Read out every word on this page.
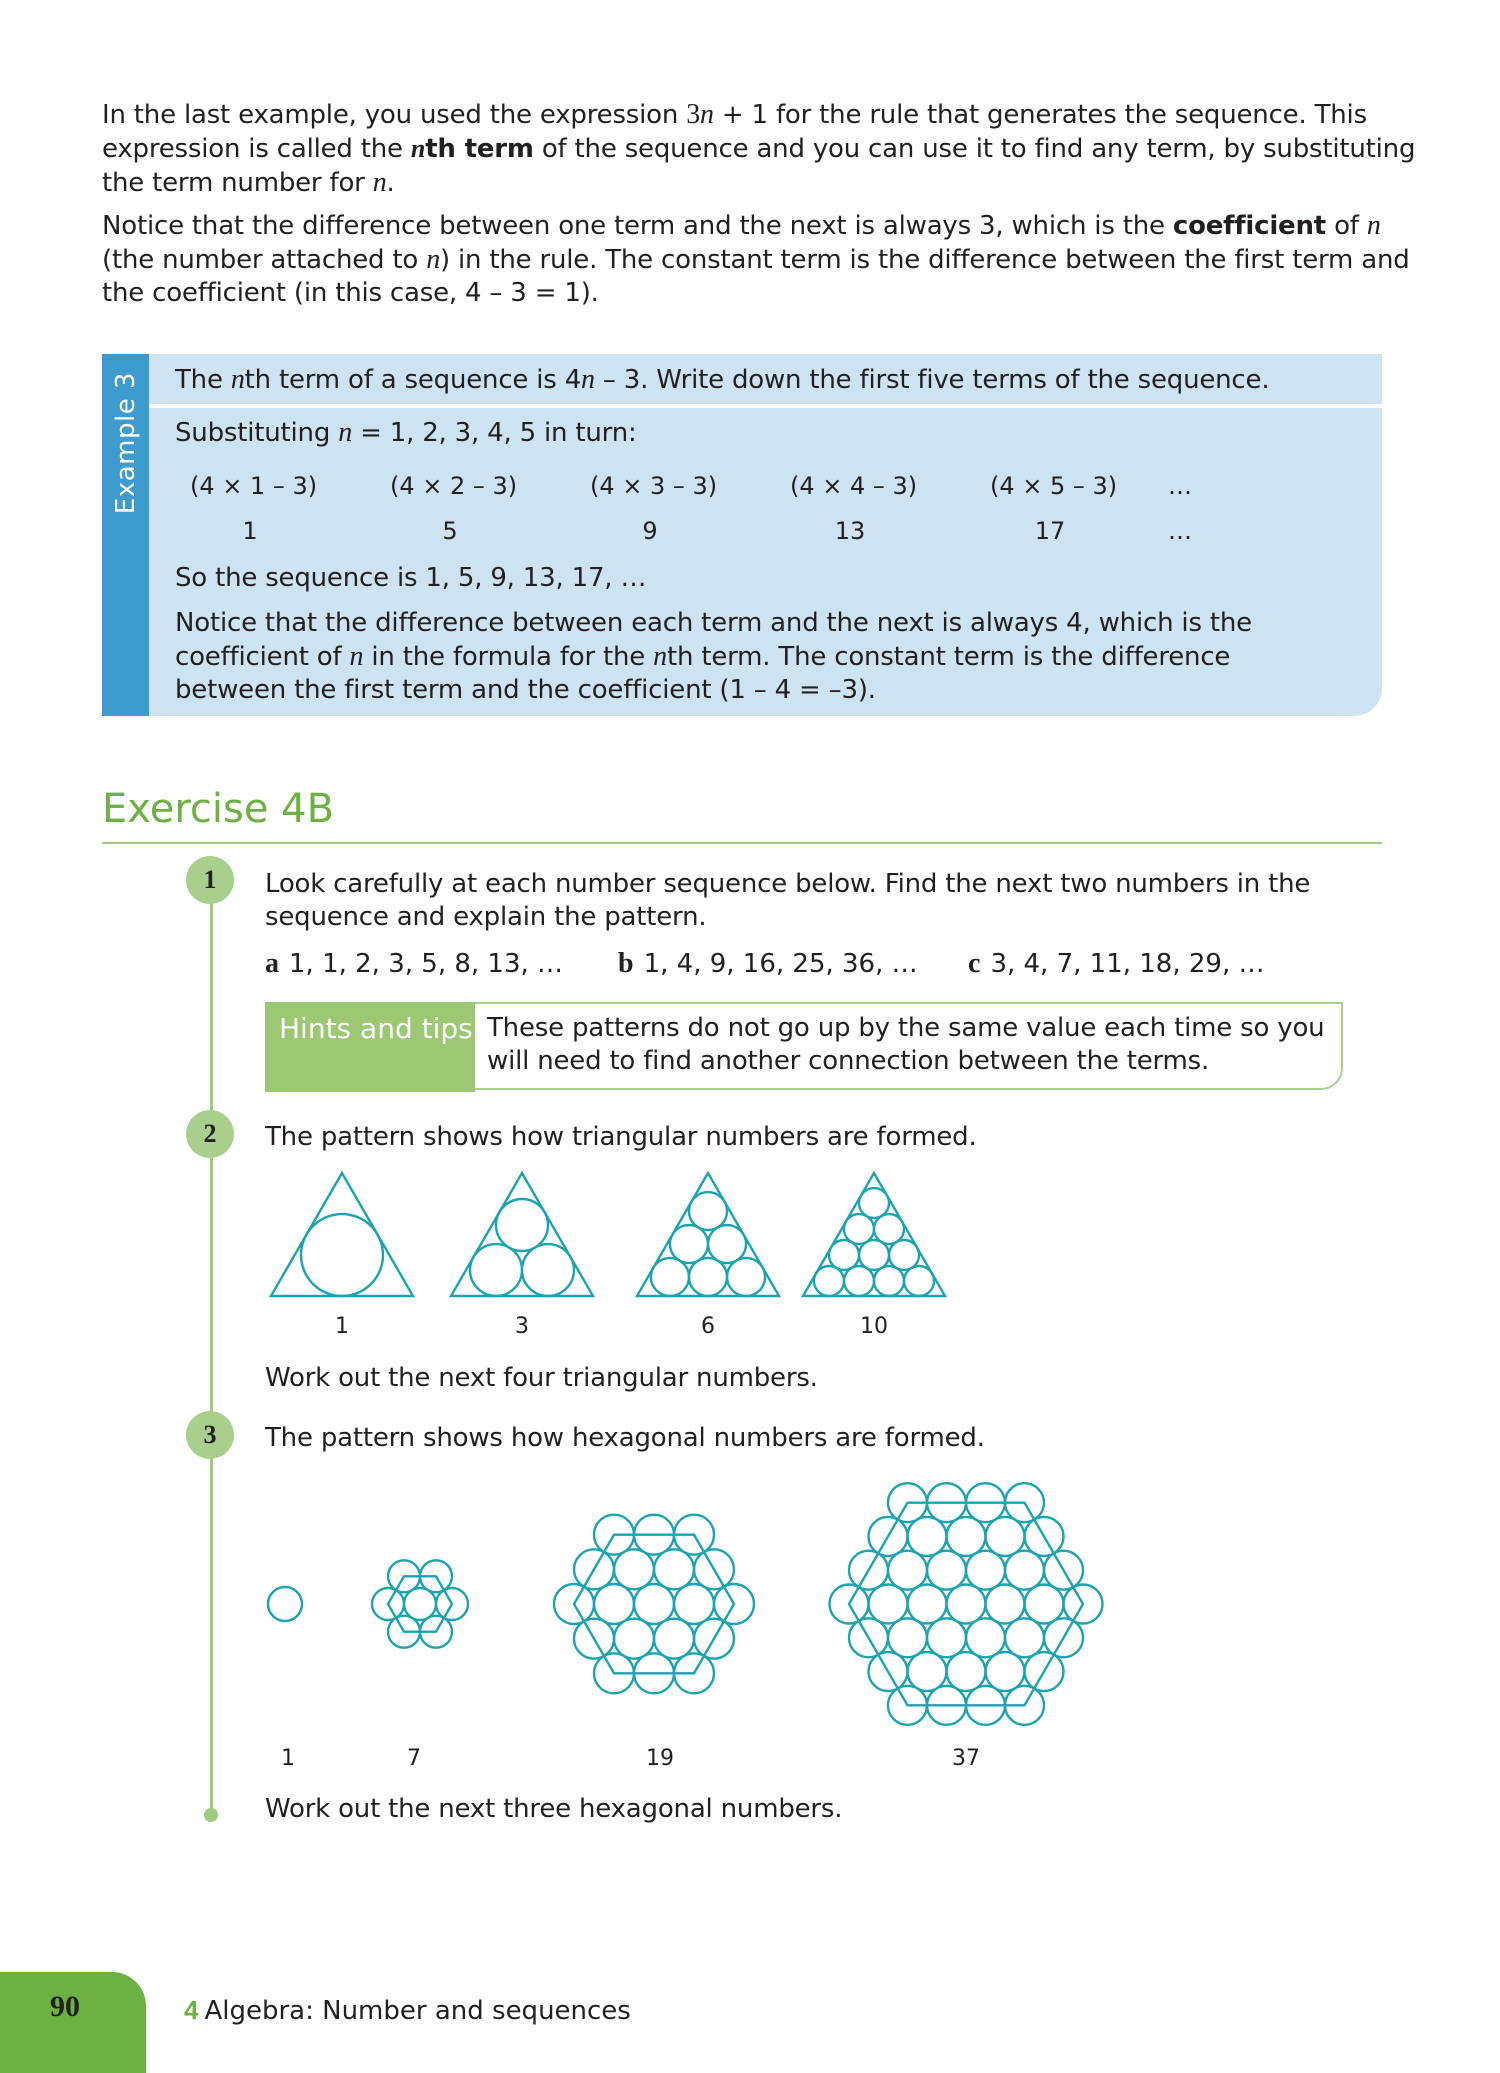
In the last example, you used the expression 3n + 1 for the rule that generates the sequence. This expression is called the nth term of the sequence and you can use it to find any term, by substituting the term number for n.

Notice that the difference between one term and the next is always 3, which is the coefficient of n (the number attached to n) in the rule. The constant term is the difference between the first term and the coefficient (in this case, 4 – 3 = 1).

Example 3 The nth term of a sequence is 4n – 3. Write down the first five terms of the sequence.
Substituting n = 1, 2, 3, 4, 5 in turn:
(4 × 1 – 3)	(4 × 2 – 3)	(4 × 3 – 3)	(4 × 4 – 3)	(4 × 5 – 3) …
1	5	9	13	17	…
So the sequence is 1, 5, 9, 13, 17, …
Notice that the difference between each term and the next is always 4, which is the coefficient of n in the formula for the nth term. The constant term is the difference between the first term and the coefficient (1 – 4 = –3).
Exercise 4B
1	Look carefully at each number sequence below. Find the next two numbers in the sequence and explain the pattern.

a 1, 1, 2, 3, 5, 8, 13, … b 1, 4, 9, 16, 25, 36, … c 3, 4, 7, 11, 18, 29, …
Hints and tips These patterns do not go up by the same value each time so you will need to find another connection between the terms.

2	The pattern shows how triangular numbers are formed.

1	3	6	10

Work out the next four triangular numbers.

3	The pattern shows how hexagonal numbers are formed.

1	7	19	37

Work out the next three hexagonal numbers.

90	4 Algebra: Number and sequences
